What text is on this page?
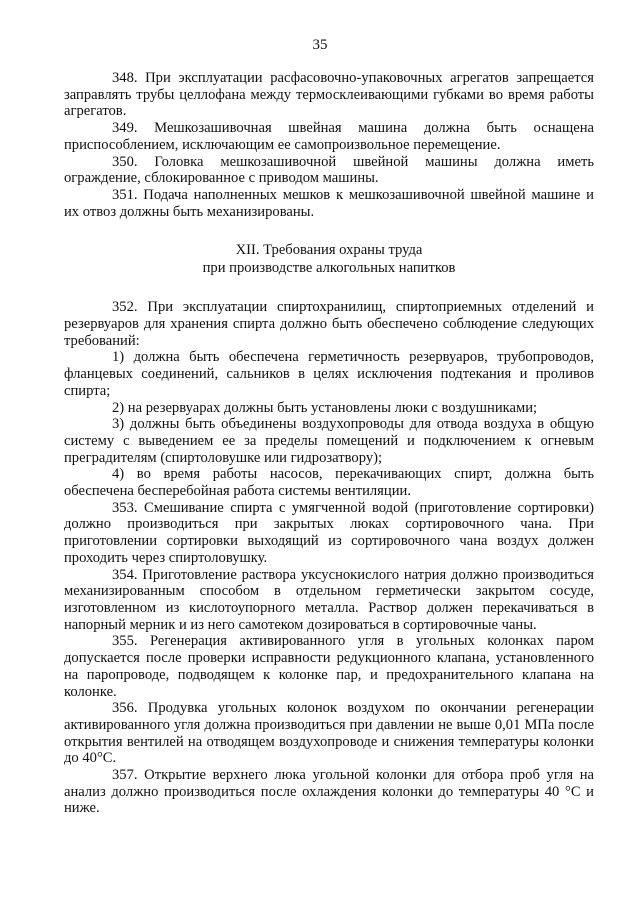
35

348. При эксплуатации расфасовочно-упаковочных агрегатов запрещается заправлять трубы целлофана между термосклеивающими губками во время работы агрегатов.

349. Мешкозашивочная швейная машина должна быть оснащена приспособлением, исключающим ее самопроизвольное перемещение.

350. Головка мешкозашивочной швейной машины должна иметь ограждение, сблокированное с приводом машины.

351. Подача наполненных мешков к мешкозашивочной швейной машине и их отвоз должны быть механизированы.

XII. Требования охраны труда
при производстве алкогольных напитков

352. При эксплуатации спиртохранилищ, спиртоприемных отделений и резервуаров для хранения спирта должно быть обеспечено соблюдение следующих требований:

1) должна быть обеспечена герметичность резервуаров, трубопроводов, фланцевых соединений, сальников в целях исключения подтекания и проливов спирта;

2) на резервуарах должны быть установлены люки с воздушниками;

3) должны быть объединены воздухопроводы для отвода воздуха в общую систему с выведением ее за пределы помещений и подключением к огневым преградителям (спиртоловушке или гидрозатвору);

4) во время работы насосов, перекачивающих спирт, должна быть обеспечена бесперебойная работа системы вентиляции.

353. Смешивание спирта с умягченной водой (приготовление сортировки) должно производиться при закрытых люках сортировочного чана. При приготовлении сортировки выходящий из сортировочного чана воздух должен проходить через спиртоловушку.

354. Приготовление раствора уксуснокислого натрия должно производиться механизированным способом в отдельном герметически закрытом сосуде, изготовленном из кислотоупорного металла. Раствор должен перекачиваться в напорный мерник и из него самотеком дозироваться в сортировочные чаны.

355. Регенерация активированного угля в угольных колонках паром допускается после проверки исправности редукционного клапана, установленного на паропроводе, подводящем к колонке пар, и предохранительного клапана на колонке.

356. Продувка угольных колонок воздухом по окончании регенерации активированного угля должна производиться при давлении не выше 0,01 МПа после открытия вентилей на отводящем воздухопроводе и снижения температуры колонки до 40°С.

357. Открытие верхнего люка угольной колонки для отбора проб угля на анализ должно производиться после охлаждения колонки до температуры 40 °С и ниже.
